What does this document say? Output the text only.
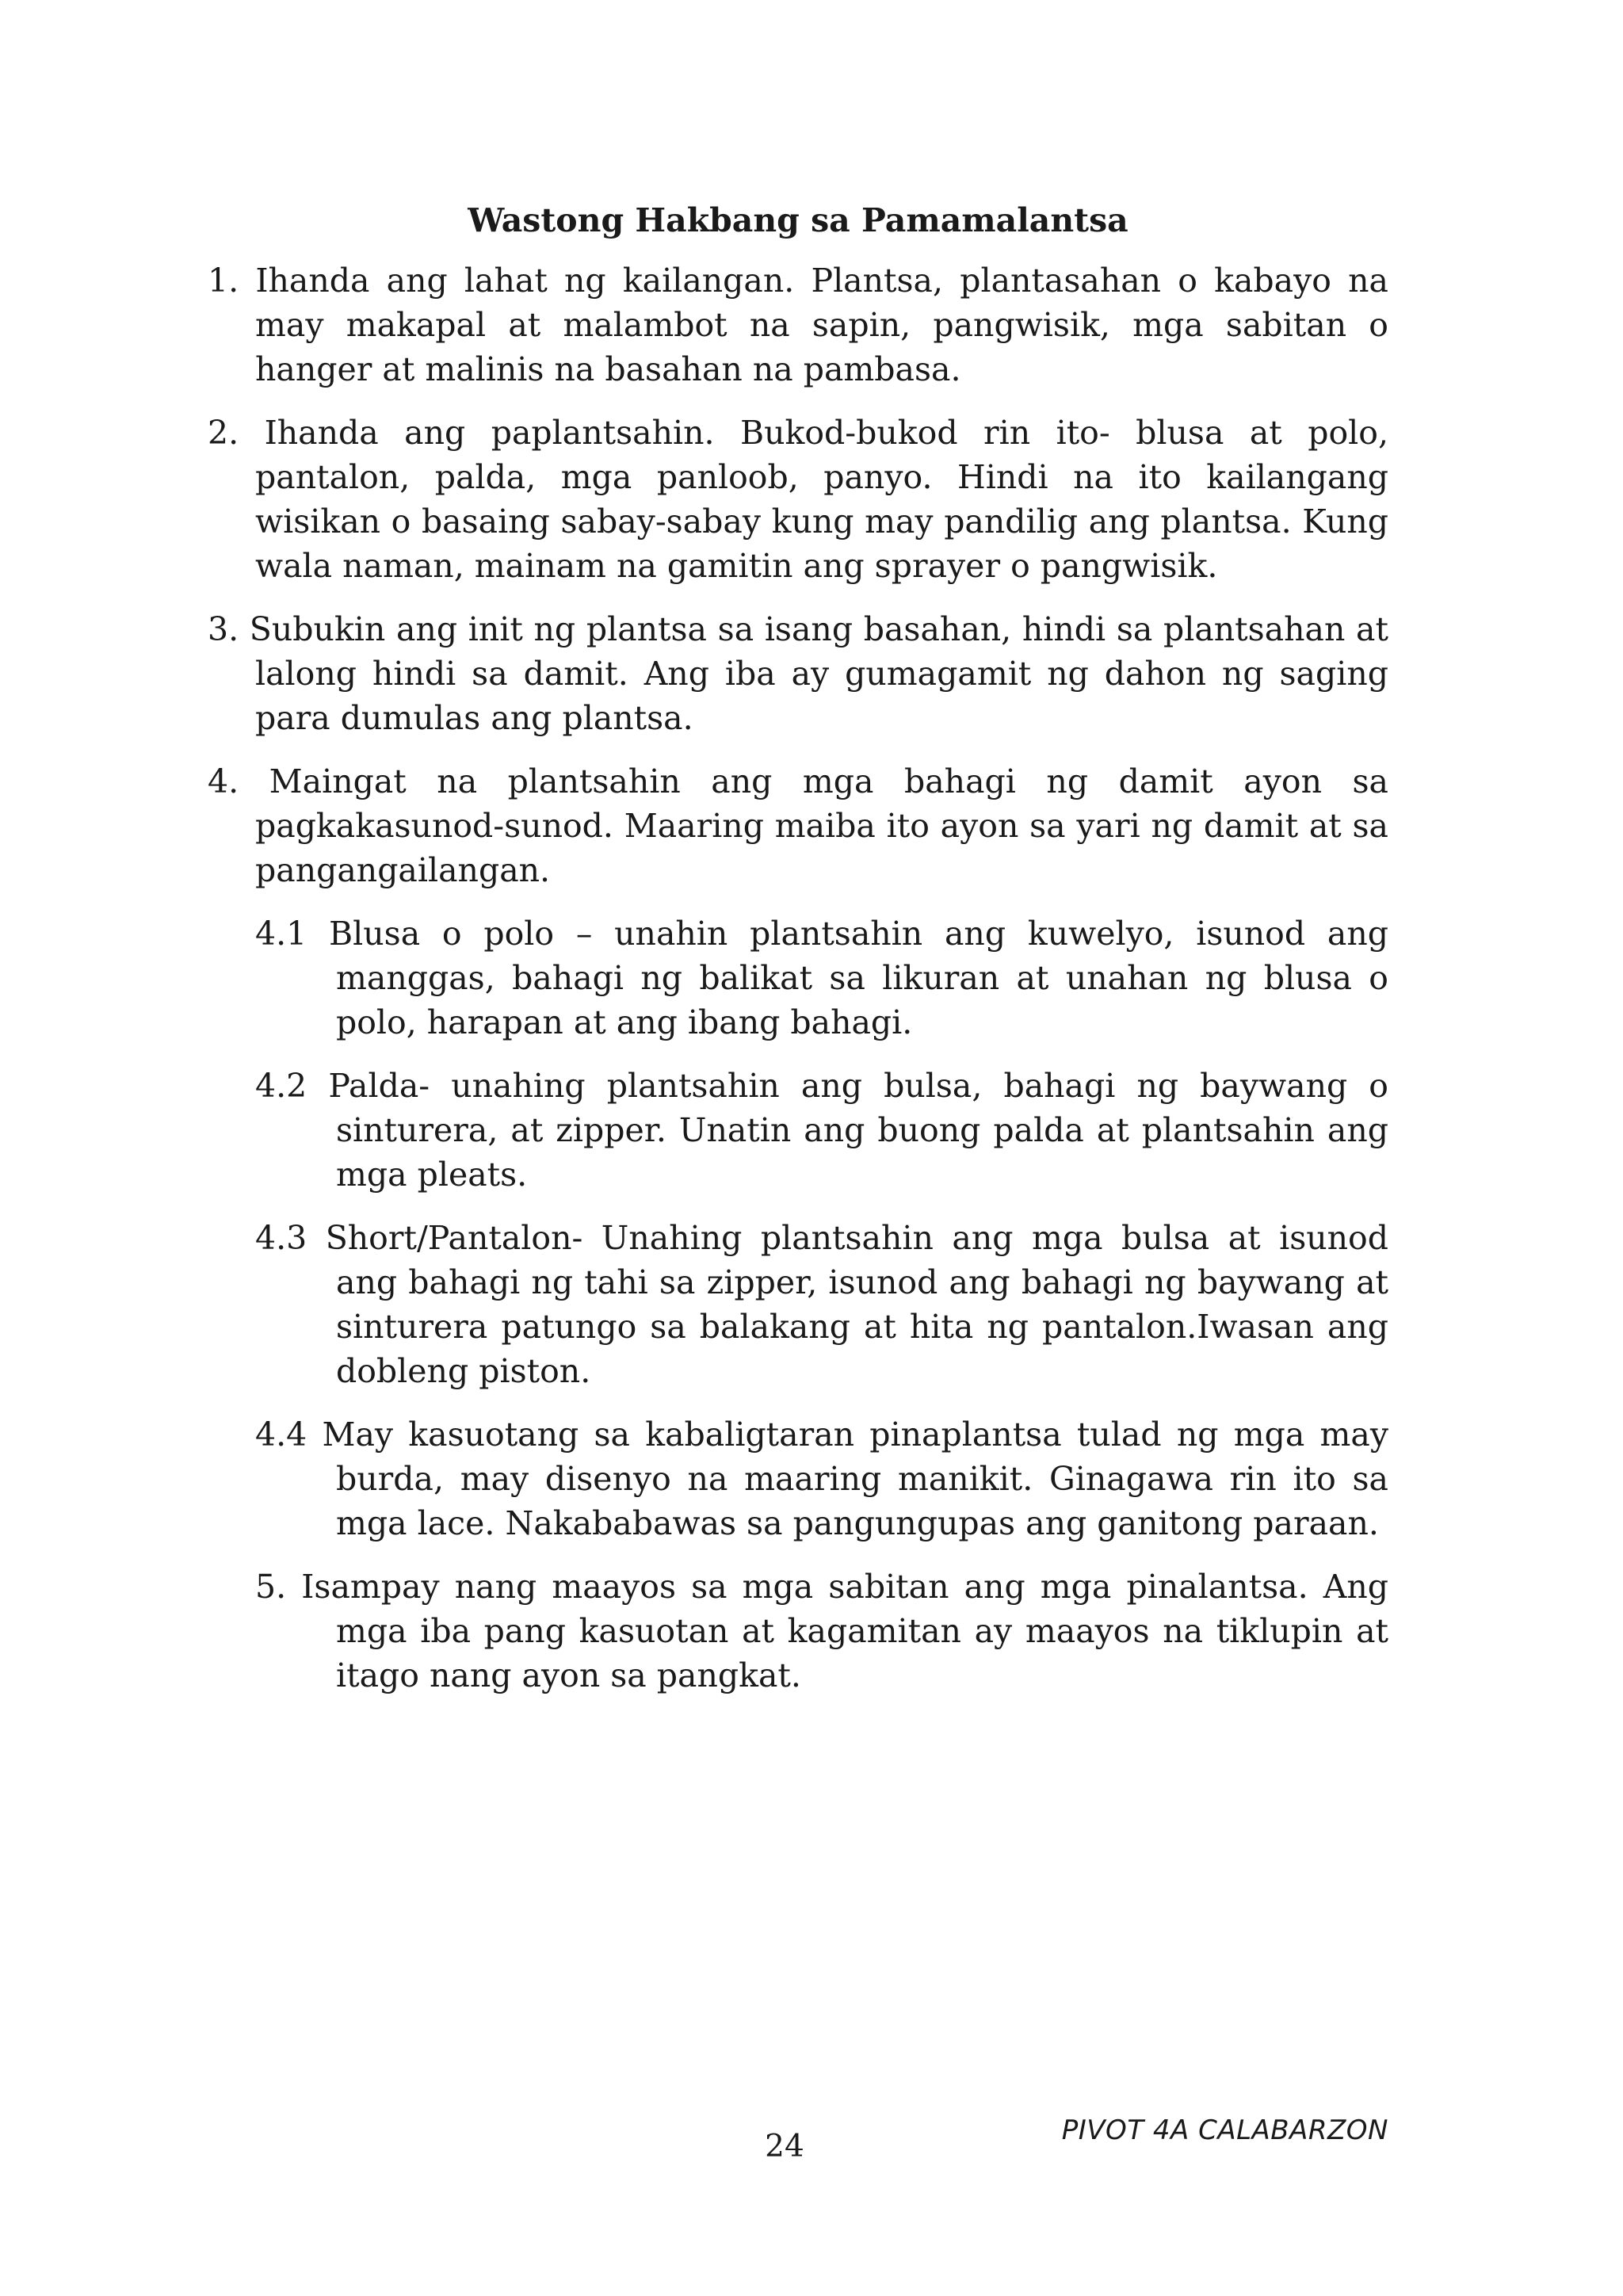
Wastong Hakbang sa Pamamalantsa
1. Ihanda ang lahat ng kailangan. Plantsa, plantasahan o kabayo na may makapal at malambot na sapin, pangwisik, mga sabitan o hanger at malinis na basahan na pambasa.
2. Ihanda ang paplantsahin. Bukod-bukod rin ito- blusa at polo, pantalon, palda, mga panloob, panyo. Hindi na ito kailangang wisikan o basaing sabay-sabay kung may pandilig ang plantsa. Kung wala naman, mainam na gamitin ang sprayer o pangwisik.
3. Subukin ang init ng plantsa sa isang basahan, hindi sa plantsahan at lalong hindi sa damit. Ang iba ay gumagamit ng dahon ng saging para dumulas ang plantsa.
4. Maingat na plantsahin ang mga bahagi ng damit ayon sa pagkakasunod-sunod. Maaring maiba ito ayon sa yari ng damit at sa pangangailangan.
4.1 Blusa o polo – unahin plantsahin ang kuwelyo, isunod ang manggas, bahagi ng balikat sa likuran at unahan ng blusa o polo, harapan at ang ibang bahagi.
4.2 Palda- unahing plantsahin ang bulsa, bahagi ng baywang o sinturera, at zipper. Unatin ang buong palda at plantsahin ang mga pleats.
4.3 Short/Pantalon- Unahing plantsahin ang mga bulsa at isunod ang bahagi ng tahi sa zipper, isunod ang bahagi ng baywang at sinturera patungo sa balakang at hita ng pantalon.Iwasan ang dobleng piston.
4.4 May kasuotang sa kabaligtaran pinaplantsa tulad ng mga may burda, may disenyo na maaring manikit. Ginagawa rin ito sa mga lace. Nakababawas sa pangungupas ang ganitong paraan.
5. Isampay nang maayos sa mga sabitan ang mga pinalantsa. Ang mga iba pang kasuotan at kagamitan ay maayos na tiklupin at itago nang ayon sa pangkat.
24	PIVOT 4A CALABARZON
